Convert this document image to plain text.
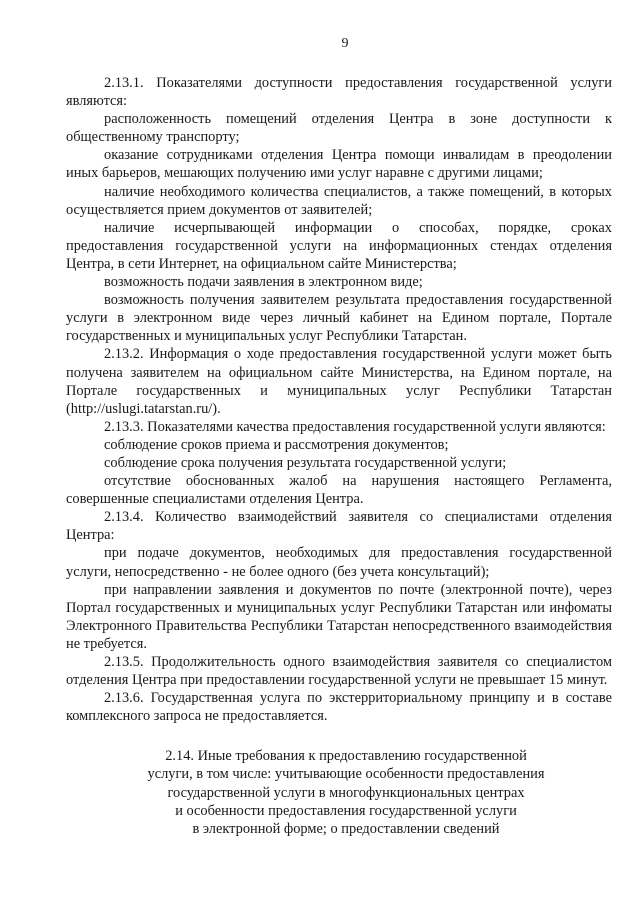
9

2.13.1. Показателями доступности предоставления государственной услуги являются:

расположенность помещений отделения Центра в зоне доступности к общественному транспорту;

оказание сотрудниками отделения Центра помощи инвалидам в преодолении иных барьеров, мешающих получению ими услуг наравне с другими лицами;

наличие необходимого количества специалистов, а также помещений, в которых осуществляется прием документов от заявителей;

наличие исчерпывающей информации о способах, порядке, сроках предоставления государственной услуги на информационных стендах отделения Центра, в сети Интернет, на официальном сайте Министерства;

возможность подачи заявления в электронном виде;

возможность получения заявителем результата предоставления государственной услуги в электронном виде через личный кабинет на Едином портале, Портале государственных и муниципальных услуг Республики Татарстан.

2.13.2. Информация о ходе предоставления государственной услуги может быть получена заявителем на официальном сайте Министерства, на Едином портале, на Портале государственных и муниципальных услуг Республики Татарстан (http://uslugi.tatarstan.ru/).

2.13.3. Показателями качества предоставления государственной услуги являются:

соблюдение сроков приема и рассмотрения документов;

соблюдение срока получения результата государственной услуги;

отсутствие обоснованных жалоб на нарушения настоящего Регламента, совершенные специалистами отделения Центра.

2.13.4. Количество взаимодействий заявителя со специалистами отделения Центра:

при подаче документов, необходимых для предоставления государственной услуги, непосредственно - не более одного (без учета консультаций);

при направлении заявления и документов по почте (электронной почте), через Портал государственных и муниципальных услуг Республики Татарстан или инфоматы Электронного Правительства Республики Татарстан непосредственного взаимодействия не требуется.

2.13.5. Продолжительность одного взаимодействия заявителя со специалистом отделения Центра при предоставлении государственной услуги не превышает 15 минут.

2.13.6. Государственная услуга по экстерриториальному принципу и в составе комплексного запроса не предоставляется.

2.14. Иные требования к предоставлению государственной
услуги, в том числе: учитывающие особенности предоставления
государственной услуги в многофункциональных центрах
и особенности предоставления государственной услуги
в электронной форме; о предоставлении сведений
